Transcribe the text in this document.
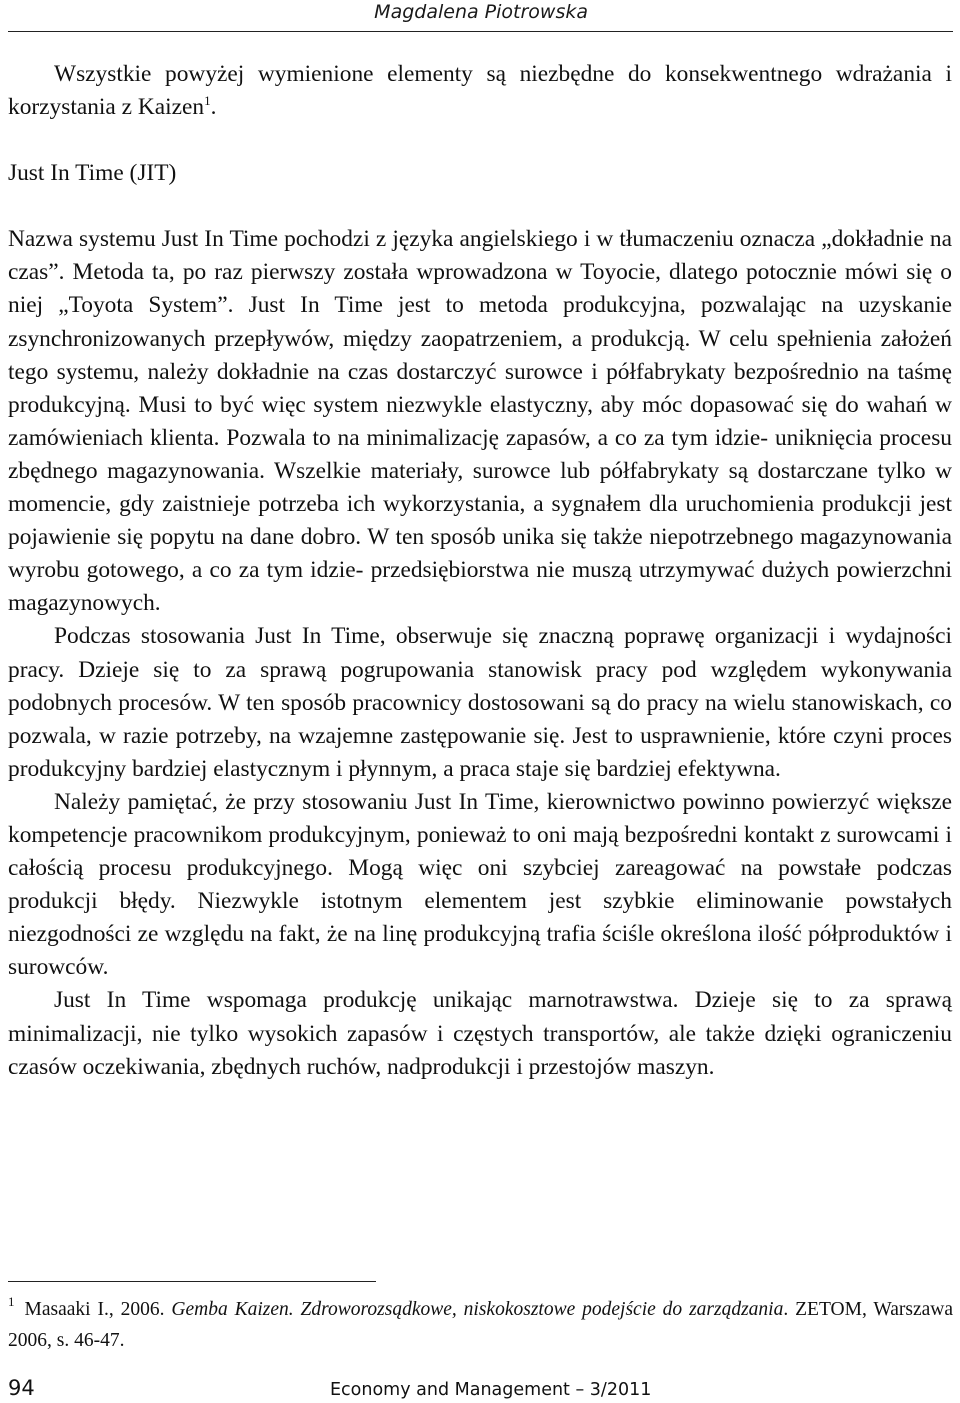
Magdalena Piotrowska

Wszystkie powyżej wymienione elementy są niezbędne do konsekwentnego wdrażania i korzystania z Kaizen$^1$.

Just In Time (JIT)

Nazwa systemu Just In Time pochodzi z języka angielskiego i w tłumaczeniu oznacza „dokładnie na czas”. Metoda ta, po raz pierwszy została wprowadzona w Toyocie, dlatego potocznie mówi się o niej „Toyota System”. Just In Time jest to metoda produkcyjna, pozwalając na uzyskanie zsynchronizowanych przepływów, między zaopatrzeniem, a produkcją. W celu spełnienia założeń tego systemu, należy dokładnie na czas dostarczyć surowce i półfabrykaty bezpośrednio na taśmę produkcyjną. Musi to być więc system niezwykle elastyczny, aby móc dopasować się do wahań w zamówieniach klienta. Pozwala to na minimalizację zapasów, a co za tym idzie- uniknięcia procesu zbędnego magazynowania. Wszelkie materiały, surowce lub półfabrykaty są dostarczane tylko w momencie, gdy zaistnieje potrzeba ich wykorzystania, a sygnałem dla uruchomienia produkcji jest pojawienie się popytu na dane dobro. W ten sposób unika się także niepotrzebnego magazynowania wyrobu gotowego, a co za tym idzie- przedsiębiorstwa nie muszą utrzymywać dużych powierzchni magazynowych.

Podczas stosowania Just In Time, obserwuje się znaczną poprawę organizacji i wydajności pracy. Dzieje się to za sprawą pogrupowania stanowisk pracy pod względem wykonywania podobnych procesów. W ten sposób pracownicy dostosowani są do pracy na wielu stanowiskach, co pozwala, w razie potrzeby, na wzajemne zastępowanie się. Jest to usprawnienie, które czyni proces produkcyjny bardziej elastycznym i płynnym, a praca staje się bardziej efektywna.

Należy pamiętać, że przy stosowaniu Just In Time, kierownictwo powinno powierzyć większe kompetencje pracownikom produkcyjnym, ponieważ to oni mają bezpośredni kontakt z surowcami i całością procesu produkcyjnego. Mogą więc oni szybciej zareagować na powstałe podczas produkcji błędy. Niezwykle istotnym elementem jest szybkie eliminowanie powstałych niezgodności ze względu na fakt, że na linę produkcyjną trafia ściśle określona ilość półproduktów i surowców.

Just In Time wspomaga produkcję unikając marnotrawstwa. Dzieje się to za sprawą minimalizacji, nie tylko wysokich zapasów i częstych transportów, ale także dzięki ograniczeniu czasów oczekiwania, zbędnych ruchów, nadprodukcji i przestojów maszyn.

$^1$ Masaaki I., 2006. Gemba Kaizen. Zdroworozsądkowe, niskokosztowe podejście do zarządzania. ZETOM, Warszawa 2006, s. 46-47.
94	Economy and Management – 3/2011
